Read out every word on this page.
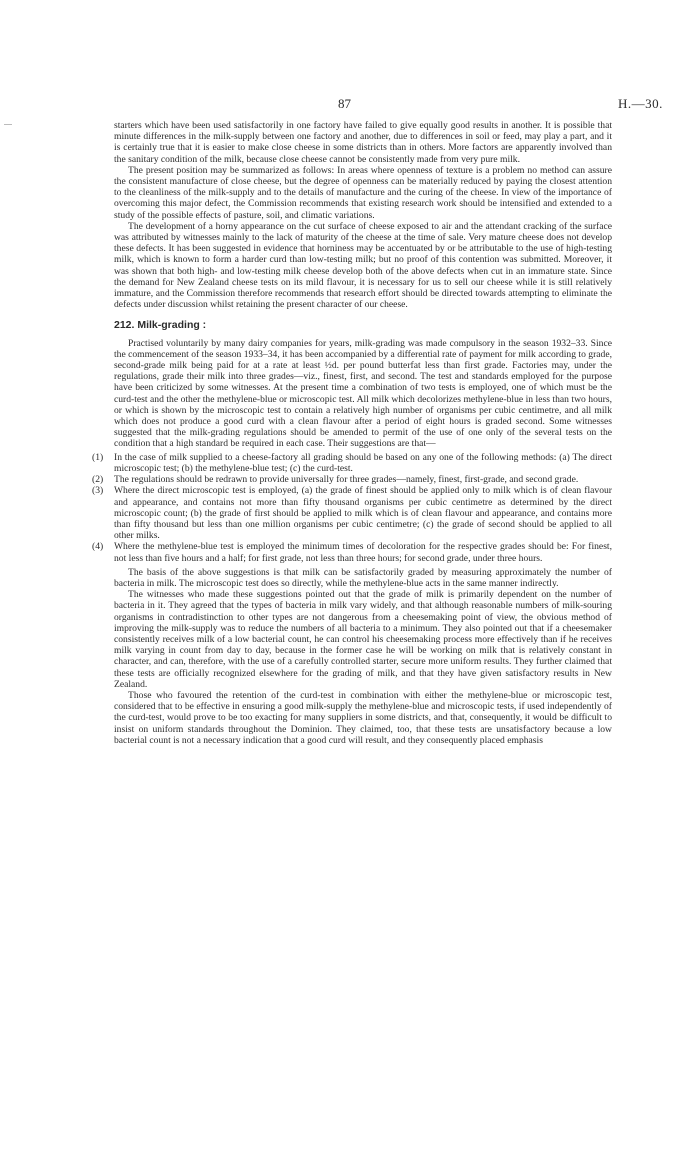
87	H.—30.

starters which have been used satisfactorily in one factory have failed to give equally good results in another. It is possible that minute differences in the milk-supply between one factory and another, due to differences in soil or feed, may play a part, and it is certainly true that it is easier to make close cheese in some districts than in others. More factors are apparently involved than the sanitary condition of the milk, because close cheese cannot be consistently made from very pure milk.

The present position may be summarized as follows: In areas where openness of texture is a problem no method can assure the consistent manufacture of close cheese, but the degree of openness can be materially reduced by paying the closest attention to the cleanliness of the milk-supply and to the details of manufacture and the curing of the cheese. In view of the importance of overcoming this major defect, the Commission recommends that existing research work should be intensified and extended to a study of the possible effects of pasture, soil, and climatic variations.

The development of a horny appearance on the cut surface of cheese exposed to air and the attendant cracking of the surface was attributed by witnesses mainly to the lack of maturity of the cheese at the time of sale. Very mature cheese does not develop these defects. It has been suggested in evidence that horniness may be accentuated by or be attributable to the use of high-testing milk, which is known to form a harder curd than low-testing milk; but no proof of this contention was submitted. Moreover, it was shown that both high- and low-testing milk cheese develop both of the above defects when cut in an immature state. Since the demand for New Zealand cheese tests on its mild flavour, it is necessary for us to sell our cheese while it is still relatively immature, and the Commission therefore recommends that research effort should be directed towards attempting to eliminate the defects under discussion whilst retaining the present character of our cheese.

212. Milk-grading :

Practised voluntarily by many dairy companies for years, milk-grading was made compulsory in the season 1932–33. Since the commencement of the season 1933–34, it has been accompanied by a differential rate of payment for milk according to grade, second-grade milk being paid for at a rate at least ½d. per pound butterfat less than first grade. Factories may, under the regulations, grade their milk into three grades—viz., finest, first, and second. The test and standards employed for the purpose have been criticized by some witnesses. At the present time a combination of two tests is employed, one of which must be the curd-test and the other the methylene-blue or microscopic test. All milk which decolorizes methylene-blue in less than two hours, or which is shown by the microscopic test to contain a relatively high number of organisms per cubic centimetre, and all milk which does not produce a good curd with a clean flavour after a period of eight hours is graded second. Some witnesses suggested that the milk-grading regulations should be amended to permit of the use of one only of the several tests on the condition that a high standard be required in each case. Their suggestions are that—

(1) In the case of milk supplied to a cheese-factory all grading should be based on any one of the following methods: (a) The direct microscopic test; (b) the methylene-blue test; (c) the curd-test.

(2) The regulations should be redrawn to provide universally for three grades—namely, finest, first-grade, and second grade.

(3) Where the direct microscopic test is employed, (a) the grade of finest should be applied only to milk which is of clean flavour and appearance, and contains not more than fifty thousand organisms per cubic centimetre as determined by the direct microscopic count; (b) the grade of first should be applied to milk which is of clean flavour and appearance, and contains more than fifty thousand but less than one million organisms per cubic centimetre; (c) the grade of second should be applied to all other milks.

(4) Where the methylene-blue test is employed the minimum times of decoloration for the respective grades should be: For finest, not less than five hours and a half; for first grade, not less than three hours; for second grade, under three hours.

The basis of the above suggestions is that milk can be satisfactorily graded by measuring approximately the number of bacteria in milk. The microscopic test does so directly, while the methylene-blue acts in the same manner indirectly.

The witnesses who made these suggestions pointed out that the grade of milk is primarily dependent on the number of bacteria in it. They agreed that the types of bacteria in milk vary widely, and that although reasonable numbers of milk-souring organisms in contradistinction to other types are not dangerous from a cheesemaking point of view, the obvious method of improving the milk-supply was to reduce the numbers of all bacteria to a minimum. They also pointed out that if a cheesemaker consistently receives milk of a low bacterial count, he can control his cheesemaking process more effectively than if he receives milk varying in count from day to day, because in the former case he will be working on milk that is relatively constant in character, and can, therefore, with the use of a carefully controlled starter, secure more uniform results. They further claimed that these tests are officially recognized elsewhere for the grading of milk, and that they have given satisfactory results in New Zealand.

Those who favoured the retention of the curd-test in combination with either the methylene-blue or microscopic test, considered that to be effective in ensuring a good milk-supply the methylene-blue and microscopic tests, if used independently of the curd-test, would prove to be too exacting for many suppliers in some districts, and that, consequently, it would be difficult to insist on uniform standards throughout the Dominion. They claimed, too, that these tests are unsatisfactory because a low bacterial count is not a necessary indication that a good curd will result, and they consequently placed emphasis
